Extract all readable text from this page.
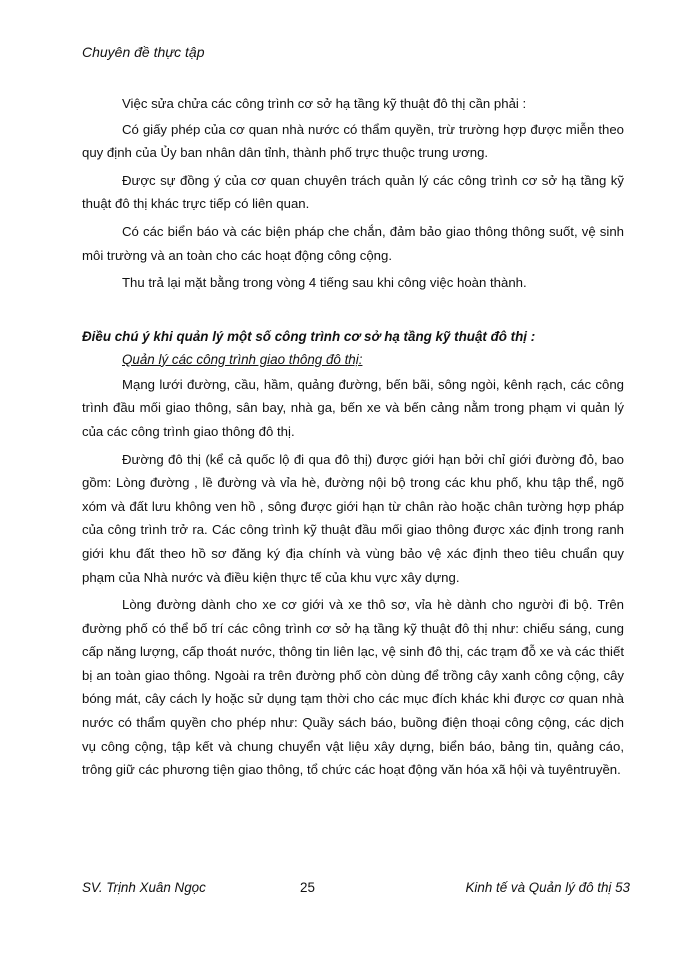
Chuyên đề thực tập

Việc sửa chửa các công trình cơ sở hạ tầng kỹ thuật đô thị cần phải :

Có giấy phép của cơ quan nhà nước có thẩm quyền, trừ trường hợp được miễn theo quy định của Ủy ban nhân dân tỉnh, thành phố trực thuộc trung ương.

Được sự đồng ý của cơ quan chuyên trách quản lý các công trình cơ sở hạ tầng kỹ thuật đô thị khác trực tiếp có liên quan.

Có các biển báo và các biện pháp che chắn, đảm bảo giao thông thông suốt, vệ sinh môi trường và an toàn cho các hoạt động công cộng.

Thu trả lại mặt bằng trong vòng 4 tiếng sau khi công việc hoàn thành.

Điều chú ý khi quản lý một số công trình cơ sở hạ tầng kỹ thuật đô thị :

Quản lý các công trình giao thông đô thị:

Mạng lưới đường, cầu, hầm, quảng đường, bến bãi, sông ngòi, kênh rạch, các công trình đầu mối giao thông, sân bay, nhà ga, bến xe và bến cảng nằm trong phạm vi quản lý của các công trình giao thông đô thị.

Đường đô thị (kể cả quốc lộ đi qua đô thị) được giới hạn bởi chỉ giới đường đỏ, bao gồm: Lòng đường , lề đường và vỉa hè, đường nội bộ trong các khu phố, khu tập thể, ngõ xóm và đất lưu không ven hồ , sông được giới hạn từ chân rào hoặc chân tường hợp pháp của công trình trở ra. Các công trình kỹ thuật đầu mối giao thông được xác định trong ranh giới khu đất theo hồ sơ đăng ký địa chính và vùng bảo vệ xác định theo tiêu chuẩn quy phạm của Nhà nước và điều kiện thực tế của khu vực xây dựng.

Lòng đường dành cho xe cơ giới và xe thô sơ, vỉa hè dành cho người đi bộ. Trên đường phố có thể bố trí các công trình cơ sở hạ tầng kỹ thuật đô thị như: chiếu sáng, cung cấp năng lượng, cấp thoát nước, thông tin liên lạc, vệ sinh đô thị, các trạm đỗ xe và các thiết bị an toàn giao thông. Ngoài ra trên đường phố còn dùng để trồng cây xanh công cộng, cây bóng mát, cây cách ly hoặc sử dụng tạm thời cho các mục đích khác khi được cơ quan nhà nước có thẩm quyền cho phép như: Quầy sách báo, buồng điện thoại công cộng, các dịch vụ công cộng, tập kết và chung chuyển vật liệu xây dựng, biển báo, bảng tin, quảng cáo, trông giữ các phương tiện giao thông, tổ chức các hoạt động văn hóa xã hội và tuyêntruyền.

SV. Trịnh Xuân Ngọc	25	Kinh tế và Quản lý đô thị 53
